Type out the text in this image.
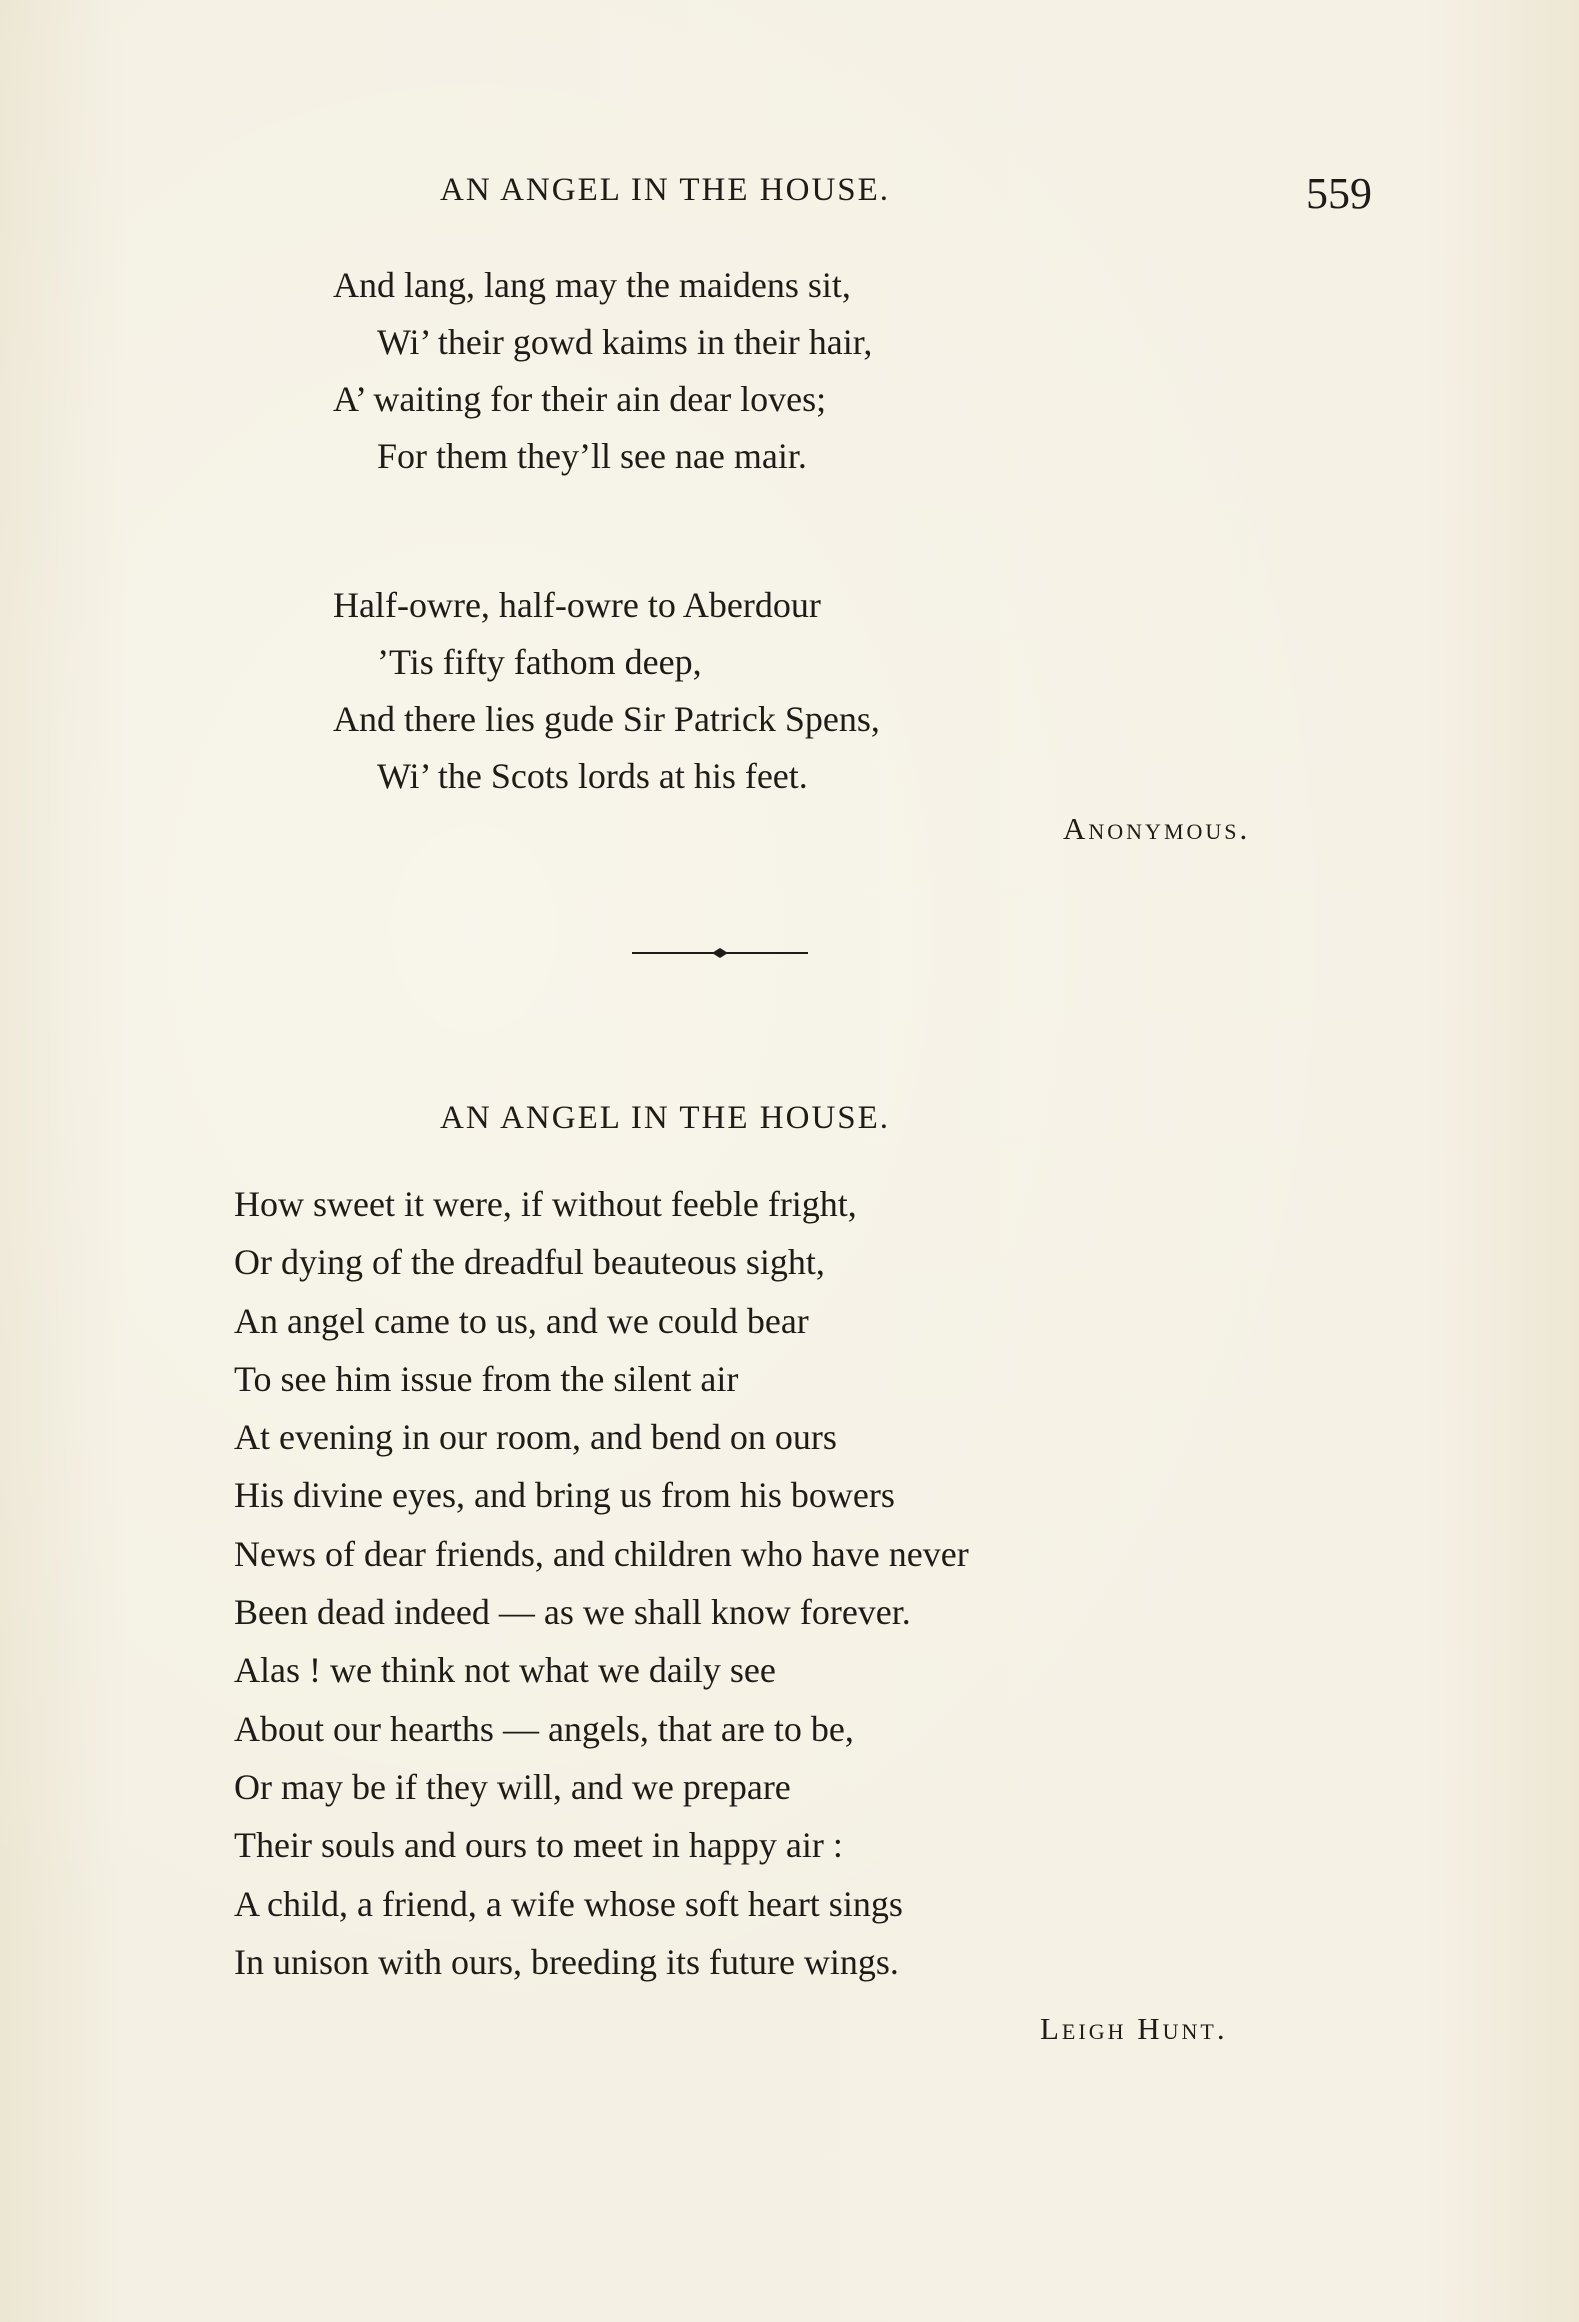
AN ANGEL IN THE HOUSE.	559
And lang, lang may the maidens sit,
Wi’ their gowd kaims in their hair,
A’ waiting for their ain dear loves;
For them they’ll see nae mair.
Half-owre, half-owre to Aberdour
’Tis fifty fathom deep,
And there lies gude Sir Patrick Spens,
Wi’ the Scots lords at his feet.
Anonymous.
AN ANGEL IN THE HOUSE.
How sweet it were, if without feeble fright,
Or dying of the dreadful beauteous sight,
An angel came to us, and we could bear
To see him issue from the silent air
At evening in our room, and bend on ours
His divine eyes, and bring us from his bowers
News of dear friends, and children who have never
Been dead indeed — as we shall know forever.
Alas ! we think not what we daily see
About our hearths — angels, that are to be,
Or may be if they will, and we prepare
Their souls and ours to meet in happy air :
A child, a friend, a wife whose soft heart sings
In unison with ours, breeding its future wings.
Leigh Hunt.
